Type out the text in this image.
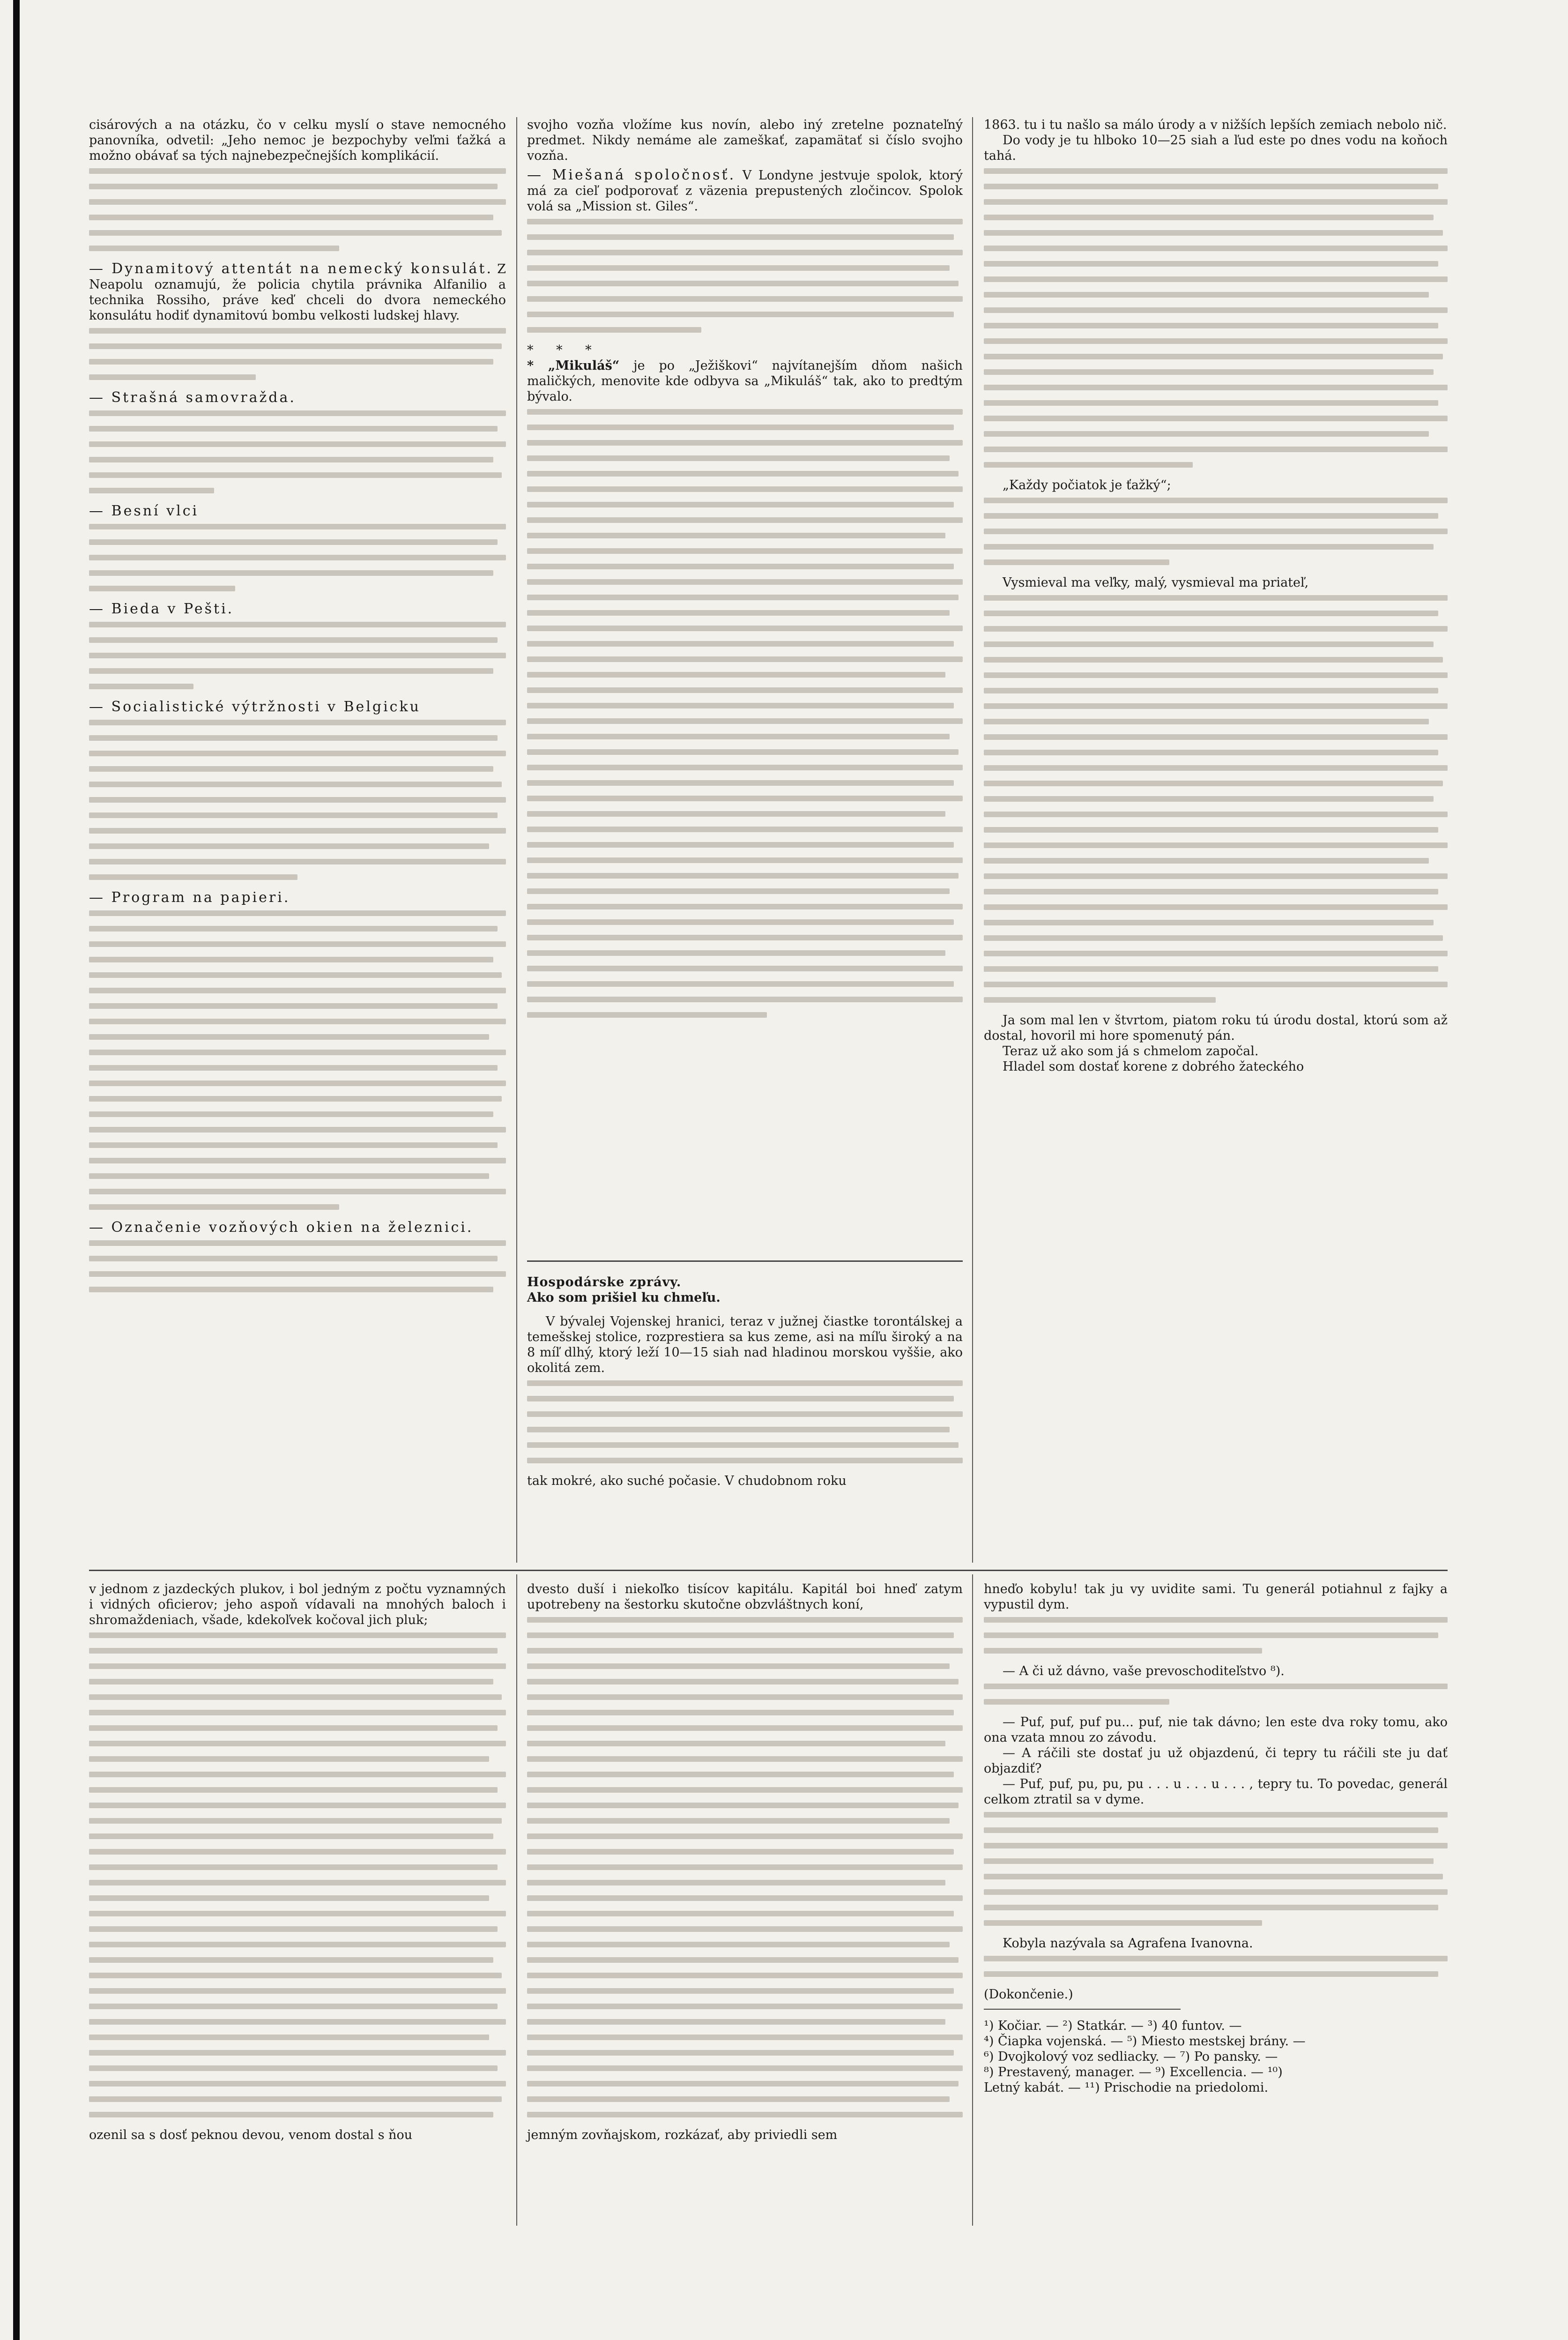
cisárových a na otázku, čo v celku myslí o stave nemocného panovníka, odvetil: „Jeho nemoc je bezpochyby veľmi ťažká a možno obávať sa tých najnebezpečnejších komplikácií.

— Dynamitový attentát na nemecký konsulát. Z Neapolu oznamujú, že policia chytila právnika Alfanilio a technika Rossiho, práve keď chceli do dvora nemeckého konsulátu hodiť dynamitovú bombu velkosti ludskej hlavy.

— Strašná samovražda.

— Besní vlci

— Bieda v Pešti.

— Socialistické výtržnosti v Belgicku

— Program na papieri.

— Označenie vozňových okien na železnici.

svojho vozňa vložíme kus novín, alebo iný zretelne poznateľný predmet. Nikdy nemáme ale zameškať, zapamätať si číslo svojho vozňa.

— Miešaná spoločnosť. V Londyne jestvuje spolok, ktorý má za cieľ podporovať z väzenia prepustených zločincov. Spolok volá sa „Mission st. Giles“.

* * *

* „Mikuláš“ je po „Ježiškovi“ najvítanejším dňom našich maličkých, menovite kde odbyva sa „Mikuláš“ tak, ako to predtým bývalo.

1863. tu i tu našlo sa málo úrody a v nižších lepších zemiach nebolo nič.

Do vody je tu hlboko 10—25 siah a ľud este po dnes vodu na koňoch tahá.

„Každy počiatok je ťažký“;

Vysmieval ma veľky, malý, vysmieval ma priateľ,

Ja som mal len v štvrtom, piatom roku tú úrodu dostal, ktorú som až dostal, hovoril mi hore spomenutý pán.

Teraz už ako som já s chmelom započal.

Hladel som dostať korene z dobrého žateckého

Hospodárske zprávy.

Ako som prišiel ku chmeľu.

V bývalej Vojenskej hranici, teraz v južnej čiastke torontálskej a temešskej stolice, rozprestiera sa kus zeme, asi na míľu široký a na 8 míľ dlhý, ktorý leží 10—15 siah nad hladinou morskou vyššie, ako okolitá zem.

tak mokré, ako suché počasie. V chudobnom roku

v jednom z jazdeckých plukov, i bol jedným z počtu vyznamných i vidných oficierov; jeho aspoň vídavali na mnohých baloch i shromaždeniach, všade, kdekoľvek kočoval jich pluk;

ozenil sa s dosť peknou devou, venom dostal s ňou

dvesto duší i niekoľko tisícov kapitálu. Kapitál boi hneď zatym upotrebeny na šestorku skutočne obzvláštnych koní,

jemným zovňajskom, rozkázať, aby priviedli sem

hneďo kobylu! tak ju vy uvidite sami. Tu generál potiahnul z fajky a vypustil dym.

— A či už dávno, vaše prevoschoditeľstvo ⁸).

— Puf, puf, puf pu... puf, nie tak dávno; len este dva roky tomu, ako ona vzata mnou zo závodu.

— A ráčili ste dostať ju už objazdenú, či tepry tu ráčili ste ju dať objazdiť?

— Puf, puf, pu, pu, pu . . . u . . . u . . . , tepry tu. To povedac, generál celkom ztratil sa v dyme.

Kobyla nazývala sa Agrafena Ivanovna.

(Dokončenie.)

¹) Kočiar. — ²) Statkár. — ³) 40 funtov. —

⁴) Čiapka vojenská. — ⁵) Miesto mestskej brány. —

⁶) Dvojkolový voz sedliacky. — ⁷) Po pansky. —

⁸) Prestavený, manager. — ⁹) Excellencia. — ¹⁰)

Letný kabát. — ¹¹) Prischodie na priedolomi.
